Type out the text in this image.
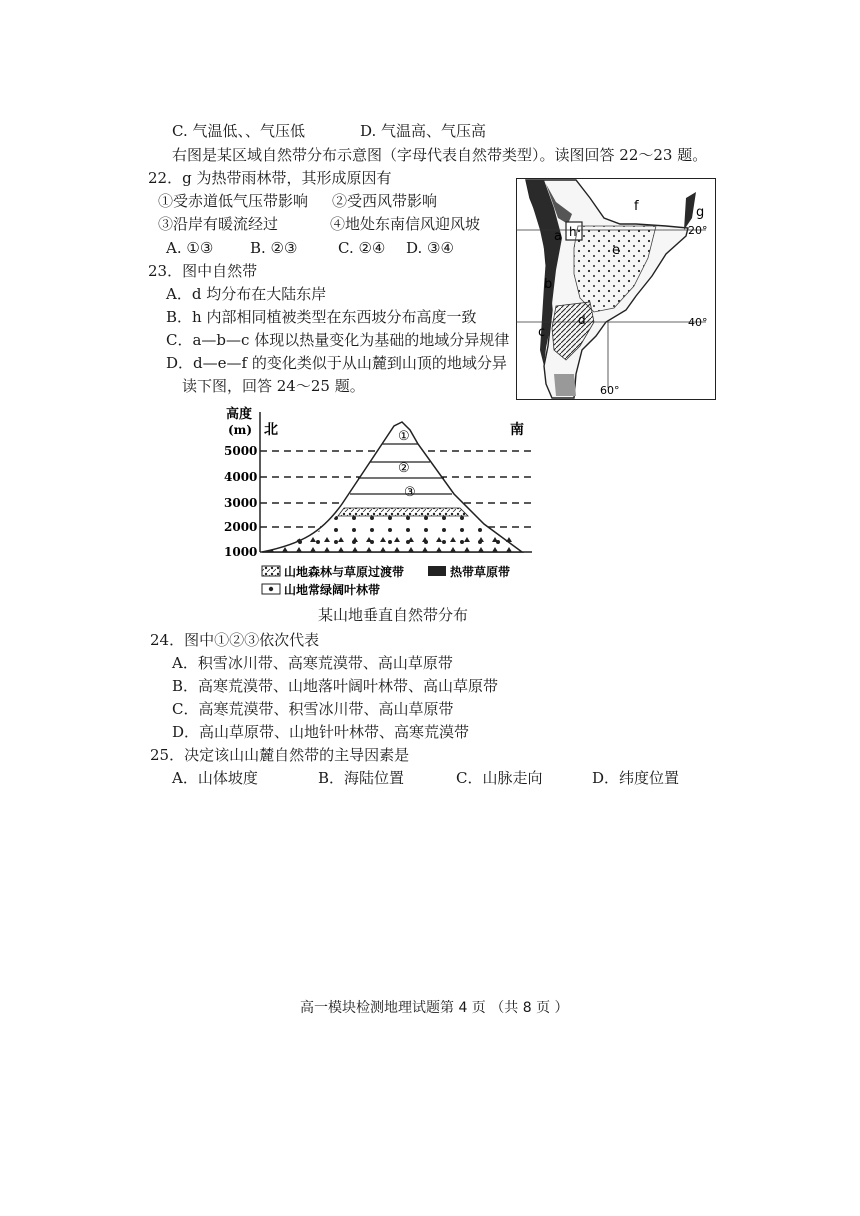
C. 气温低、、气压低	D. 气温高、气压高
右图是某区域自然带分布示意图（字母代表自然带类型）。读图回答 22～23 题。
22．g 为热带雨林带，其形成原因有
①受赤道低气压带影响 ②受西风带影响
③沿岸有暖流经过	④地处东南信风迎风坡
A. ①③ B. ②③	C. ②④ D. ③④
23．图中自然带
A．d 均分布在大陆东岸
B．h 内部相同植被类型在东西坡分布高度一致
C．a—b—c 体现以热量变化为基础的地域分异规律
D．d—e—f 的变化类似于从山麓到山顶的地域分异
读下图，回答 24～25 题。
a h
b
c
d
e
f	g
20°
40°
60°
高度
(m) 北	南
5000
4000
3000
2000
1000
①
②
③
山地森林与草原过渡带	热带草原带
山地常绿阔叶林带
某山地垂直自然带分布
24．图中①②③依次代表
A．积雪冰川带、高寒荒漠带、高山草原带
B．高寒荒漠带、山地落叶阔叶林带、高山草原带
C．高寒荒漠带、积雪冰川带、高山草原带
D．高山草原带、山地针叶林带、高寒荒漠带
25．决定该山山麓自然带的主导因素是
A．山体坡度	B．海陆位置	C．山脉走向	D．纬度位置
高一模块检测地理试题第 4 页 （共 8 页 ）
